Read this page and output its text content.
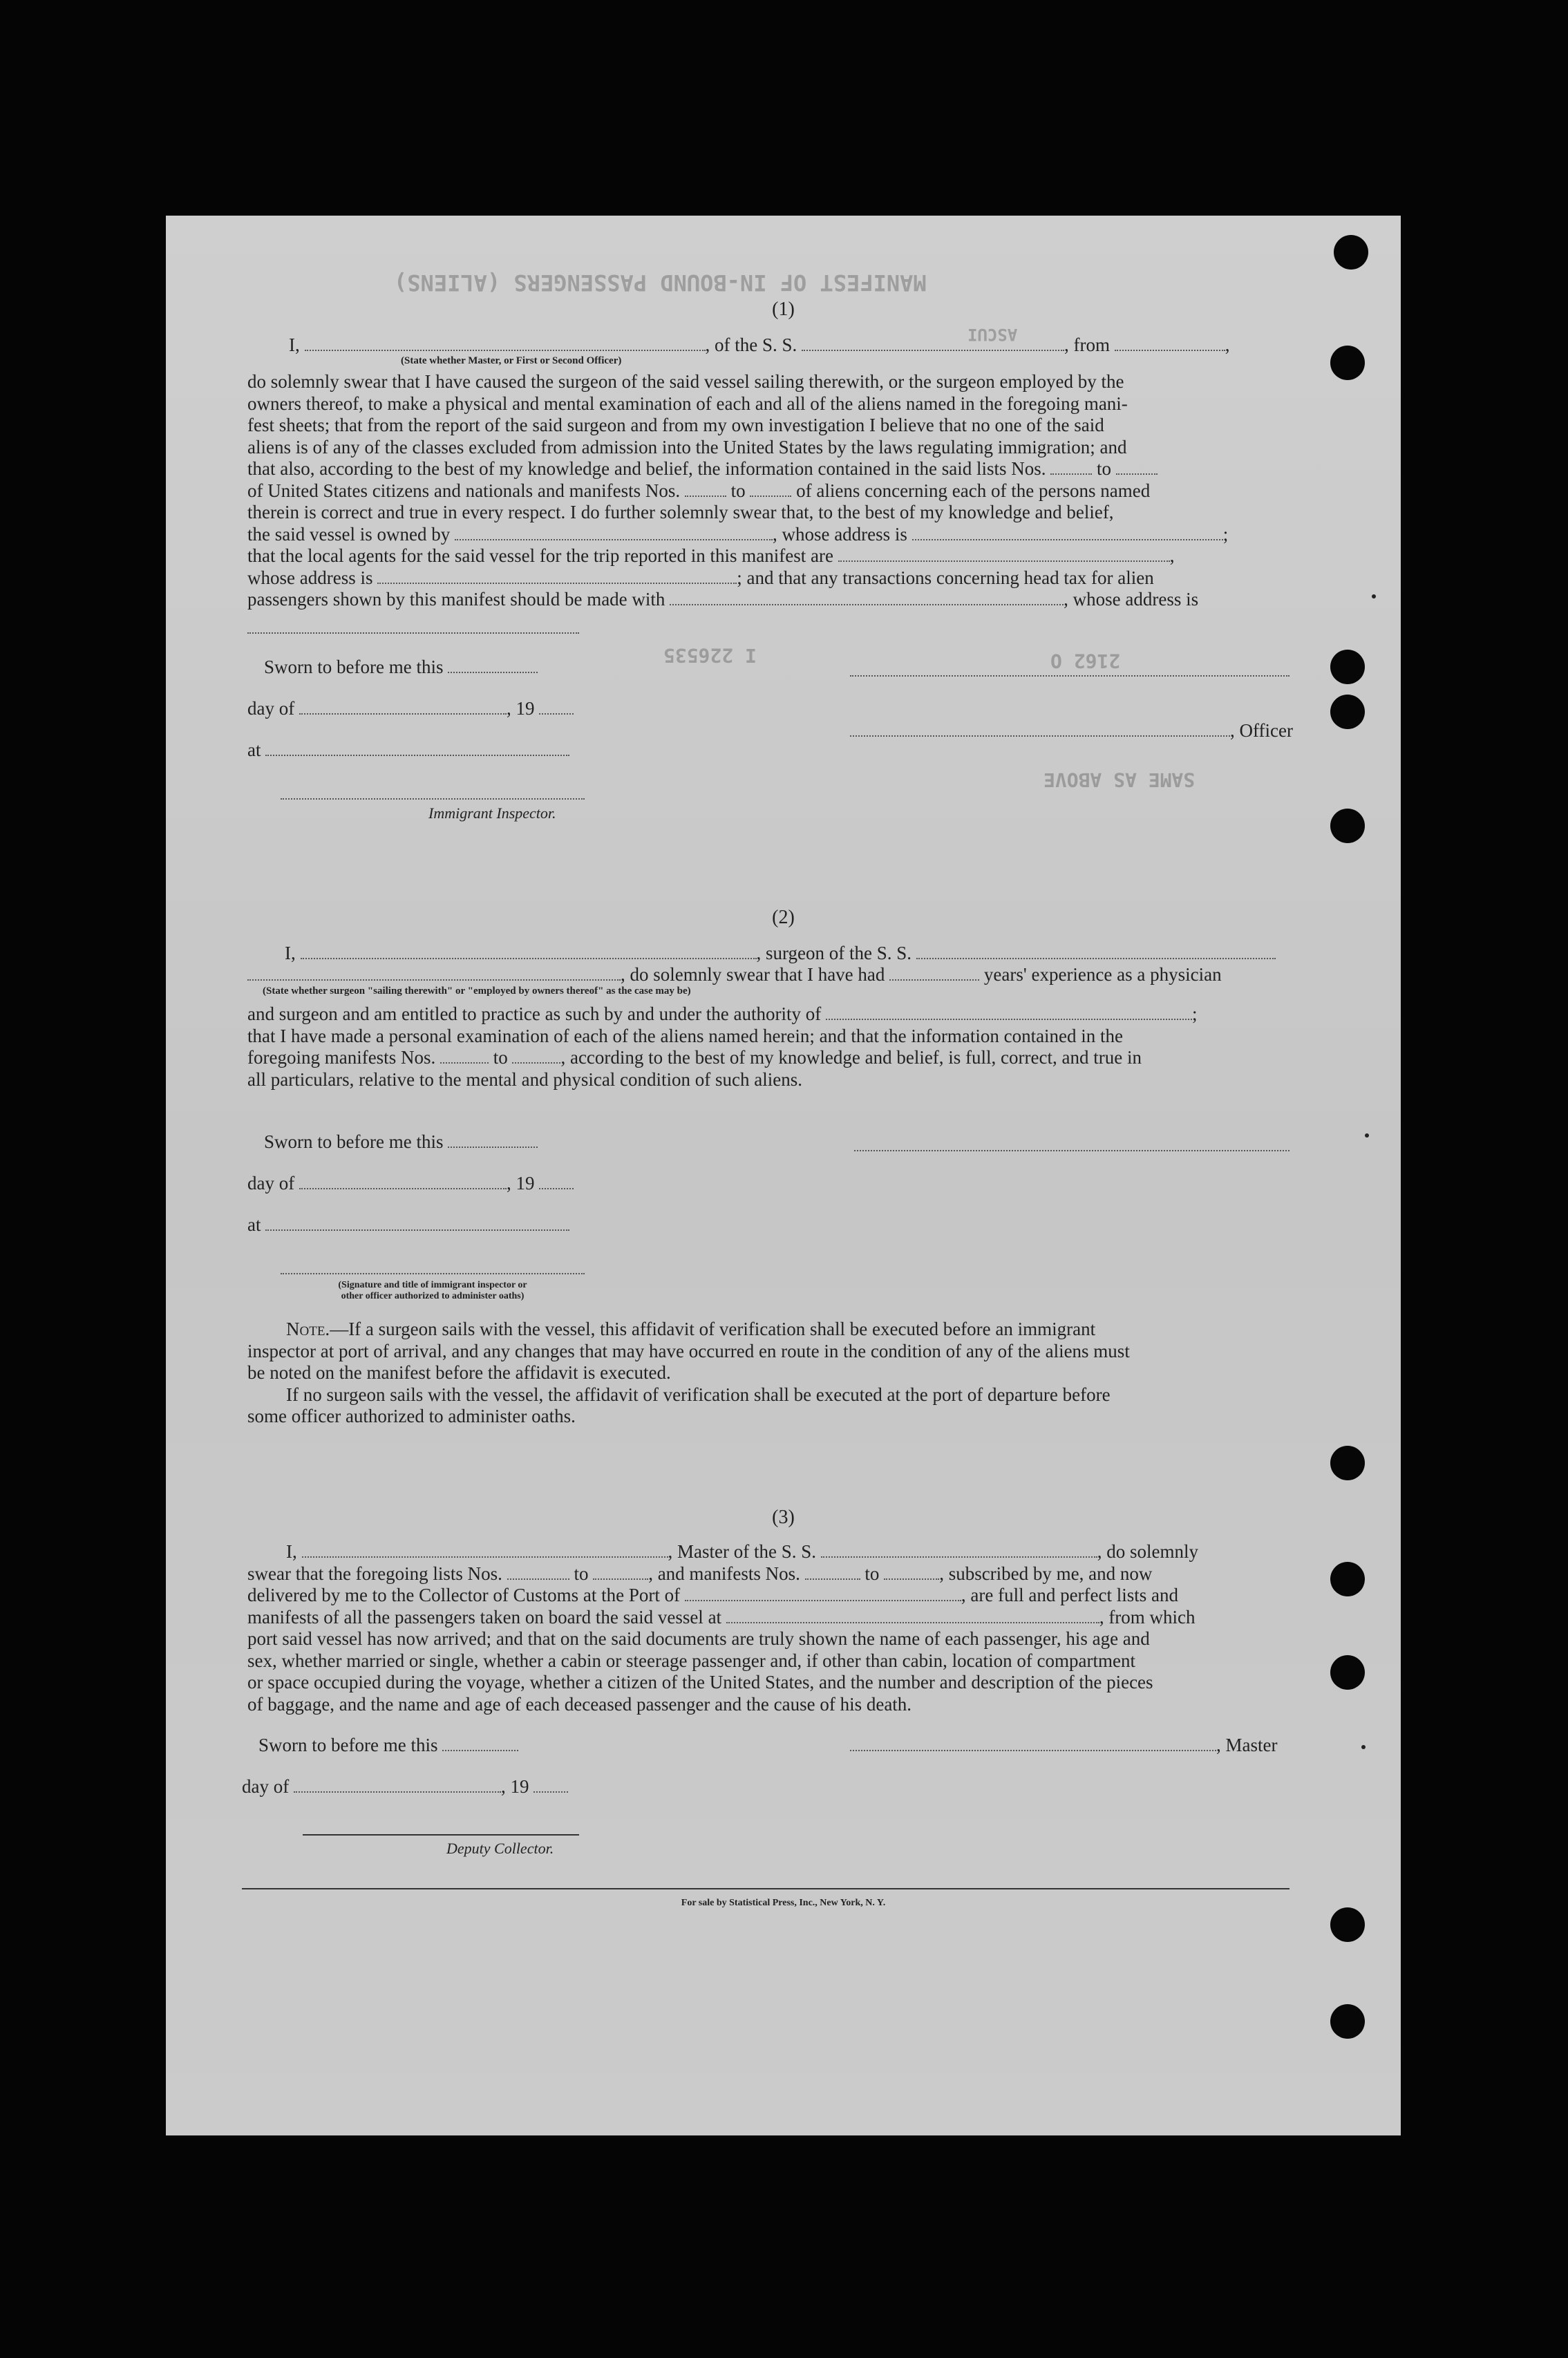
MANIFEST OF IN-BOUND PASSENGERS (ALIENS)
ASCUI
2162 O
I 226535
SAME AS ABOVE
(1)
I,	, of the S. S.	, from	,
(State whether Master, or First or Second Officer)
do solemnly swear that I have caused the surgeon of the said vessel sailing therewith, or the surgeon employed by the
owners thereof, to make a physical and mental examination of each and all of the aliens named in the foregoing mani-
fest sheets; that from the report of the said surgeon and from my own investigation I believe that no one of the said
aliens is of any of the classes excluded from admission into the United States by the laws regulating immigration; and
that also, according to the best of my knowledge and belief, the information contained in the said lists Nos.	to
of United States citizens and nationals and manifests Nos.	to	of aliens concerning each of the persons named
therein is correct and true in every respect. I do further solemnly swear that, to the best of my knowledge and belief,
the said vessel is owned by	, whose address is	;
that the local agents for the said vessel for the trip reported in this manifest are	,
whose address is	; and that any transactions concerning head tax for alien
passengers shown by this manifest should be made with	, whose address is
Sworn to before me this
day of	, 19
at
Immigrant Inspector.
, Officer
(2)
I,	, surgeon of the S. S.
, do solemnly swear that I have had	years' experience as a physician
(State whether surgeon "sailing therewith" or "employed by owners thereof" as the case may be)
and surgeon and am entitled to practice as such by and under the authority of	;
that I have made a personal examination of each of the aliens named herein; and that the information contained in the
foregoing manifests Nos.	to	, according to the best of my knowledge and belief, is full, correct, and true in
all particulars, relative to the mental and physical condition of such aliens.
Sworn to before me this
day of	, 19
at
(Signature and title of immigrant inspector or
other officer authorized to administer oaths)
Note.—If a surgeon sails with the vessel, this affidavit of verification shall be executed before an immigrant
inspector at port of arrival, and any changes that may have occurred en route in the condition of any of the aliens must
be noted on the manifest before the affidavit is executed.
If no surgeon sails with the vessel, the affidavit of verification shall be executed at the port of departure before
some officer authorized to administer oaths.
(3)
I,	, Master of the S. S.	, do solemnly
swear that the foregoing lists Nos.	to	, and manifests Nos.	to	, subscribed by me, and now
delivered by me to the Collector of Customs at the Port of	, are full and perfect lists and
manifests of all the passengers taken on board the said vessel at	, from which
port said vessel has now arrived; and that on the said documents are truly shown the name of each passenger, his age and
sex, whether married or single, whether a cabin or steerage passenger and, if other than cabin, location of compartment
or space occupied during the voyage, whether a citizen of the United States, and the number and description of the pieces
of baggage, and the name and age of each deceased passenger and the cause of his death.
Sworn to before me this
day of	, 19
Deputy Collector.
, Master
For sale by Statistical Press, Inc., New York, N. Y.
